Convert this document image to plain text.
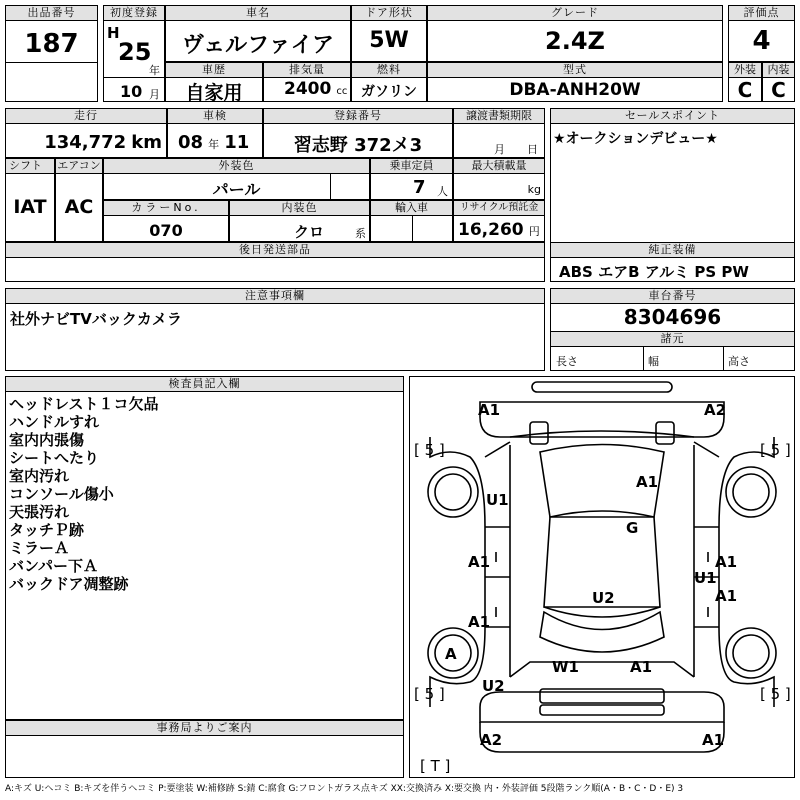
出品番号
187
初度登録
H
25
年
10 月
車名
ヴェルファイア
ドア形状
5W
グレード
2.4Z
評価点
4
車歴
自家用
排気量
2400 cc
燃料
ガソリン
型式
DBA-ANH20W
外装
C
内装
C
走行
134,772 km
車検
08 年 11
登録番号
習志野 372メ3
譲渡書類期限
月 日
セールスポイント
★オークションデビュー★
シフト
IAT
エアコン
AC
外装色
パール
乗車定員
7 人
最大積載量
kg
カラーNo.
070
内装色
クロ	系
輸入車	リサイクル預託金
16,260 円
後日発送部品	純正装備
ABS エアB アルミ PS PW
注意事項欄
社外ナビTVバックカメラ
車台番号
8304696
諸元
長さ	幅	高さ
検査員記入欄
ヘッドレスト１コ欠品
ハンドルすれ
室内内張傷
シートへたり
室内汚れ
コンソール傷小
天張汚れ
タッチＰ跡
ミラーＡ
バンパー下Ａ
バックドア凋整跡
事務局よりご案内
A1	A2
[ 5 ]	[ 5 ]
U1
A1
G
A1	A1
U1
A1
A1
U2
A
W1	A1
[ 5 ]	[ 5 ]
U2
A2	A1
[ T ]
A:キズ U:ヘコミ B:キズを伴うヘコミ P:要塗装 W:補修跡 S:錆 C:腐食 G:フロントガラス点キズ XX:交換済み X:要交換 内・外装評価 5段階ランク順(A・B・C・D・E) 3
